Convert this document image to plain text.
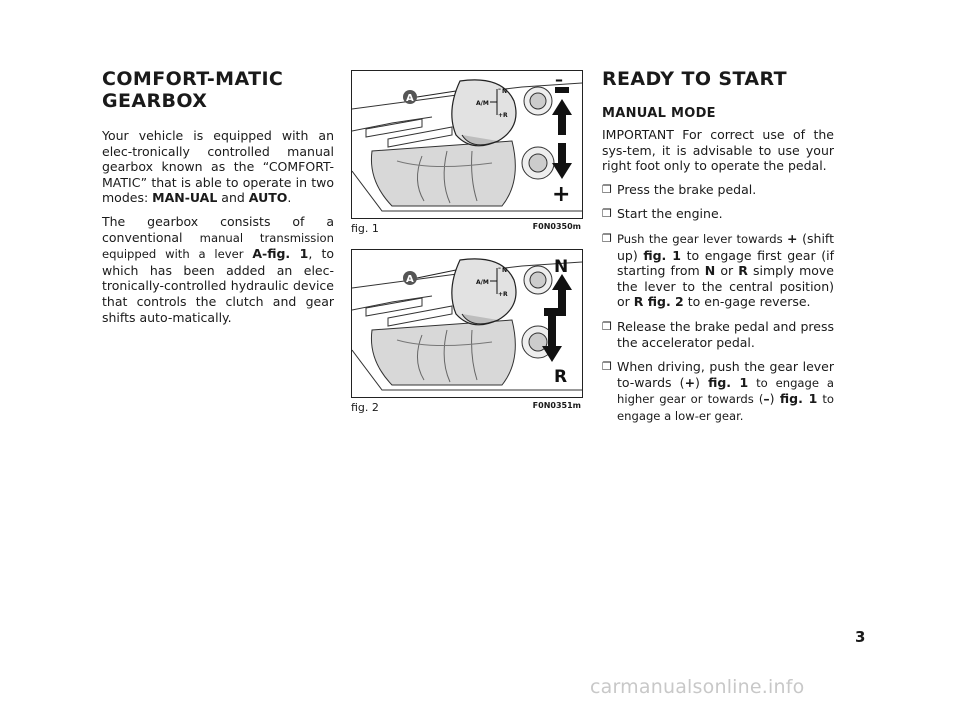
COMFORT-MATIC
GEARBOX

Your vehicle is equipped with an elec-tronically controlled manual gearbox known as the “COMFORT-MATIC” that is able to operate in two modes: MAN-UAL and AUTO.

The gearbox consists of a conventional manual transmission equipped with a lever A-fig. 1, to which has been added an elec-tronically-controlled hydraulic device that controls the clutch and gear shifts auto-matically.

– N
A/M
+ R
A
–
+
fig. 1	F0N0350m
– N
A/M
+ R
A
N
R
fig. 2	F0N0351m
READY TO START
MANUAL MODE

IMPORTANT For correct use of the sys-tem, it is advisable to use your right foot only to operate the pedal.

❒ Press the brake pedal.
❒ Start the engine.
❒ Push the gear lever towards + (shift up) fig. 1 to engage first gear (if starting from N or R simply move the lever to the central position) or R fig. 2 to en-gage reverse.
❒ Release the brake pedal and press the accelerator pedal.
❒ When driving, push the gear lever to-wards (+) fig. 1 to engage a higher gear or towards (–) fig. 1 to engage a low-er gear.
3
carmanualsonline.info
